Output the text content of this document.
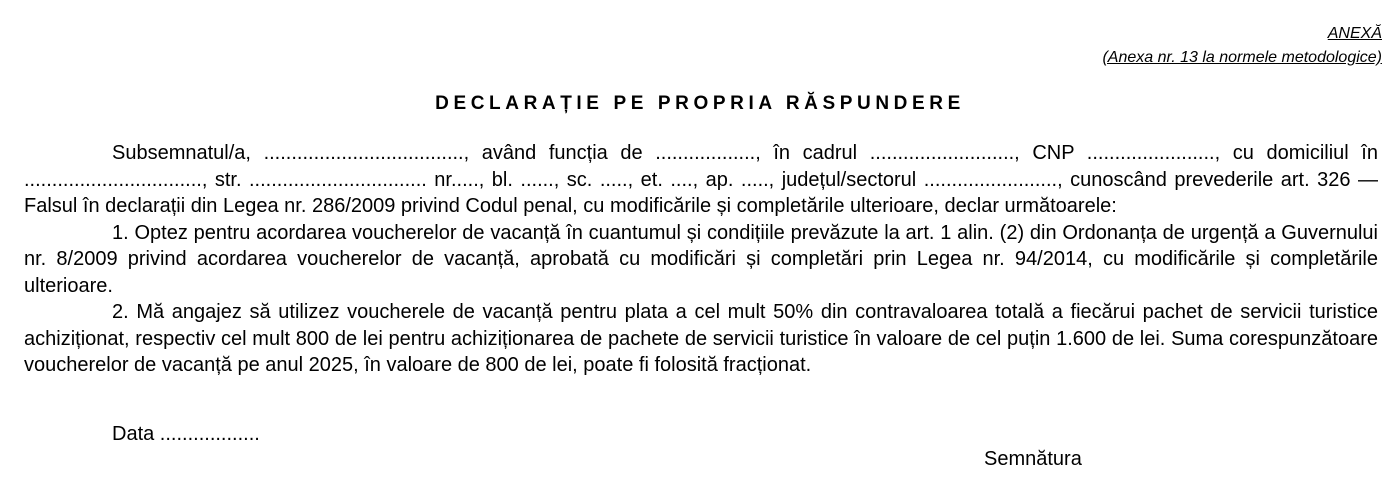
ANEXĂ
(Anexa nr. 13 la normele metodologice)
DECLARAȚIE PE PROPRIA RĂSPUNDERE

Subsemnatul/a, ...................................., având funcția de .................., în cadrul .........................., CNP ......................., cu domiciliul în ................................, str. ................................ nr....., bl. ......, sc. ....., et. ...., ap. ....., județul/sectorul ........................, cunoscând prevederile art. 326 — Falsul în declarații din Legea nr. 286/2009 privind Codul penal, cu modificările și completările ulterioare, declar următoarele:

1. Optez pentru acordarea voucherelor de vacanță în cuantumul și condițiile prevăzute la art. 1 alin. (2) din Ordonanța de urgență a Guvernului nr. 8/2009 privind acordarea voucherelor de vacanță, aprobată cu modificări și completări prin Legea nr. 94/2014, cu modificările și completările ulterioare.

2. Mă angajez să utilizez voucherele de vacanță pentru plata a cel mult 50% din contravaloarea totală a fiecărui pachet de servicii turistice achiziționat, respectiv cel mult 800 de lei pentru achiziționarea de pachete de servicii turistice în valoare de cel puțin 1.600 de lei. Suma corespunzătoare voucherelor de vacanță pe anul 2025, în valoare de 800 de lei, poate fi folosită fracționat.

Data ..................
Semnătura
